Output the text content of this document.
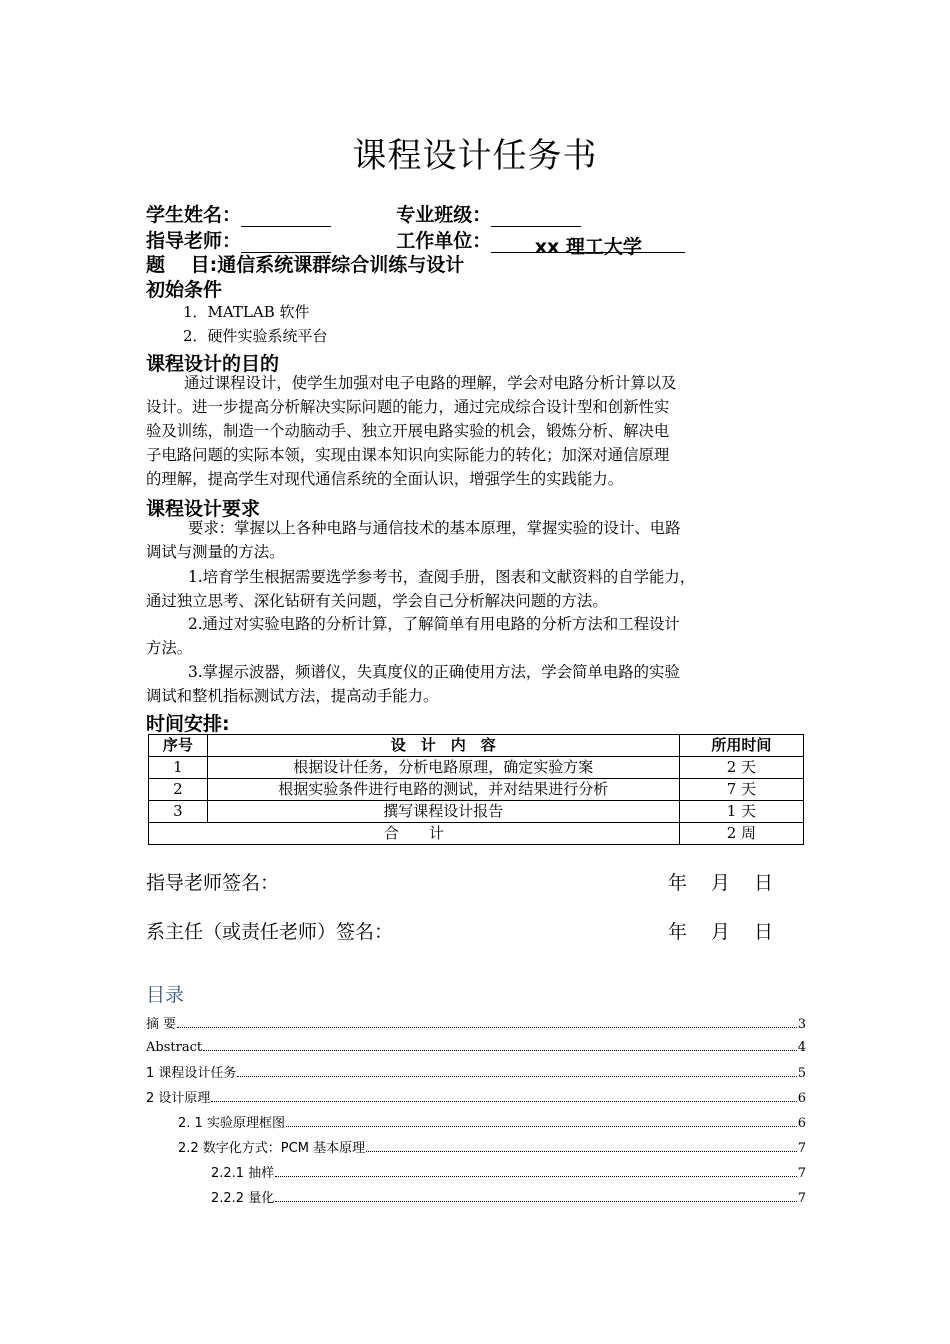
课程设计任务书
学生姓名：	专业班级：
指导老师：	工作单位： xx 理工大学
题　 目:通信系统课群综合训练与设计
初始条件
1．MATLAB 软件
2．硬件实验系统平台
课程设计的目的
通过课程设计，使学生加强对电子电路的理解，学会对电路分析计算以及
设计。进一步提高分析解决实际问题的能力，通过完成综合设计型和创新性实
验及训练，制造一个动脑动手、独立开展电路实验的机会，锻炼分析、解决电
子电路问题的实际本领，实现由课本知识向实际能力的转化；加深对通信原理
的理解，提高学生对现代通信系统的全面认识，增强学生的实践能力。
课程设计要求
要求：掌握以上各种电路与通信技术的基本原理，掌握实验的设计、电路
调试与测量的方法。
1.培育学生根据需要选学参考书，查阅手册，图表和文献资料的自学能力，
通过独立思考、深化钻研有关问题，学会自己分析解决问题的方法。
2.通过对实验电路的分析计算，了解简单有用电路的分析方法和工程设计
方法。
3.掌握示波器，频谱仪，失真度仪的正确使用方法，学会简单电路的实验
调试和整机指标测试方法，提高动手能力。
时间安排:
序号	设　计　内　容	所用时间
1	根据设计任务，分析电路原理，确定实验方案	2 天
2	根据实验条件进行电路的测试，并对结果进行分析	7 天
3	撰写课程设计报告	1 天
合　　计		2 周
指导老师签名：	年 月 日
系主任（或责任老师）签名：	年 月 日
目录
摘 要	3
Abstract	4
1 课程设计任务	5
2 设计原理	6
2. 1 实验原理框图	6
2.2 数字化方式：PCM 基本原理	7
2.2.1 抽样	7
2.2.2 量化	7
